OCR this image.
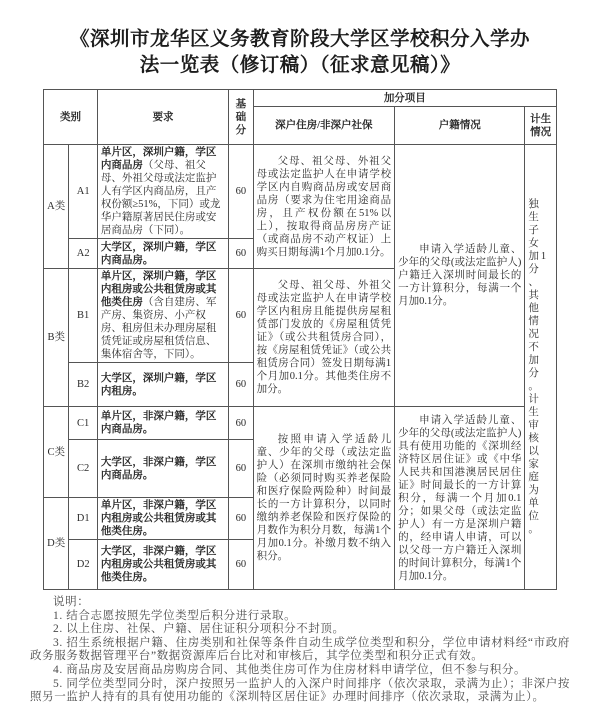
《深圳市龙华区义务教育阶段大学区学校积分入学办
法一览表（修订稿）（征求意见稿）》
类别		要求	基础分	加分项目		
				深户住房/非深户社保	户籍情况	计生情况
A类	A1	单片区，深圳户籍，学区内商品房（父母、祖父母、外祖父母或法定监护人有学区内商品房，且产权份额≥51%，下同）或龙华户籍原著居民住房或安居商品房（下同）。	60	父母、祖父母、外祖父母或法定监护人在申请学校学区内自购商品房或安居商品房（要求为住宅用途商品房，且产权份额在51%以上），按取得商品房房产证（或商品房不动产权证）上购买日期每满1个月加0.1分。	申请入学适龄儿童、少年的父母(或法定监护人)户籍迁入深圳时间最长的一方计算积分，每满一个月加0.1分。	独生子女加1分、其他情况不加分。计生审核以家庭为单位。
	A2	大学区，深圳户籍，学区内商品房。	60			
B类	B1	单片区，深圳户籍，学区内租房或公共租赁房或其他类住房（含自建房、军产房、集资房、小产权房、租房但未办理房屋租赁凭证或房屋租赁信息、集体宿舍等，下同）。	60	父母、祖父母、外祖父母或法定监护人在申请学校学区内租房且能提供房屋租赁部门发放的《房屋租赁凭证》（或公共租赁房合同），按《房屋租赁凭证》（或公共租赁房合同）签发日期每满1个月加0.1分。其他类住房不加分。		
	B2	大学区，深圳户籍，学区内租房。	60			
C类	C1	单片区，非深户籍，学区内商品房。	60	按照申请入学适龄儿童、少年的父母（或法定监护人）在深圳市缴纳社会保险（必须同时购买养老保险和医疗保险两险种）时间最长的一方计算积分，以同时缴纳养老保险和医疗保险的月数作为积分月数，每满1个月加0.1分。补缴月数不纳入积分。	申请入学适龄儿童、少年的父母(或法定监护人)具有使用功能的《深圳经济特区居住证》或《中华人民共和国港澳居民居住证》时间最长的一方计算积分，每满一个月加0.1分；如果父母（或法定监护人）有一方是深圳户籍的，经申请人申请，可以以父母一方户籍迁入深圳的时间计算积分，每满1个月加0.1分。	
	C2	大学区，非深户籍，学区内商品房。	60			
D类	D1	单片区，非深户籍，学区内租房或公共租赁房或其他类住房。	60			
	D2	大学区，非深户籍，学区内租房或公共租赁房或其他类住房。	60			

说明：

1. 结合志愿按照先学位类型后积分进行录取。

2. 以上住房、社保、户籍、居住证积分项积分不封顶。

3. 招生系统根据户籍、住房类别和社保等条件自动生成学位类型和积分，学位申请材料经“市政府政务服务数据管理平台”数据资源库后台比对和审核后，其学位类型和积分正式有效。

4. 商品房及安居商品房购房合同、其他类住房可作为住房材料申请学位，但不参与积分。

5. 同学位类型同分时，深户按照另一监护人的入深户时间排序（依次录取，录满为止）；非深户按照另一监护人持有的具有使用功能的《深圳特区居住证》办理时间排序（依次录取，录满为止）。
